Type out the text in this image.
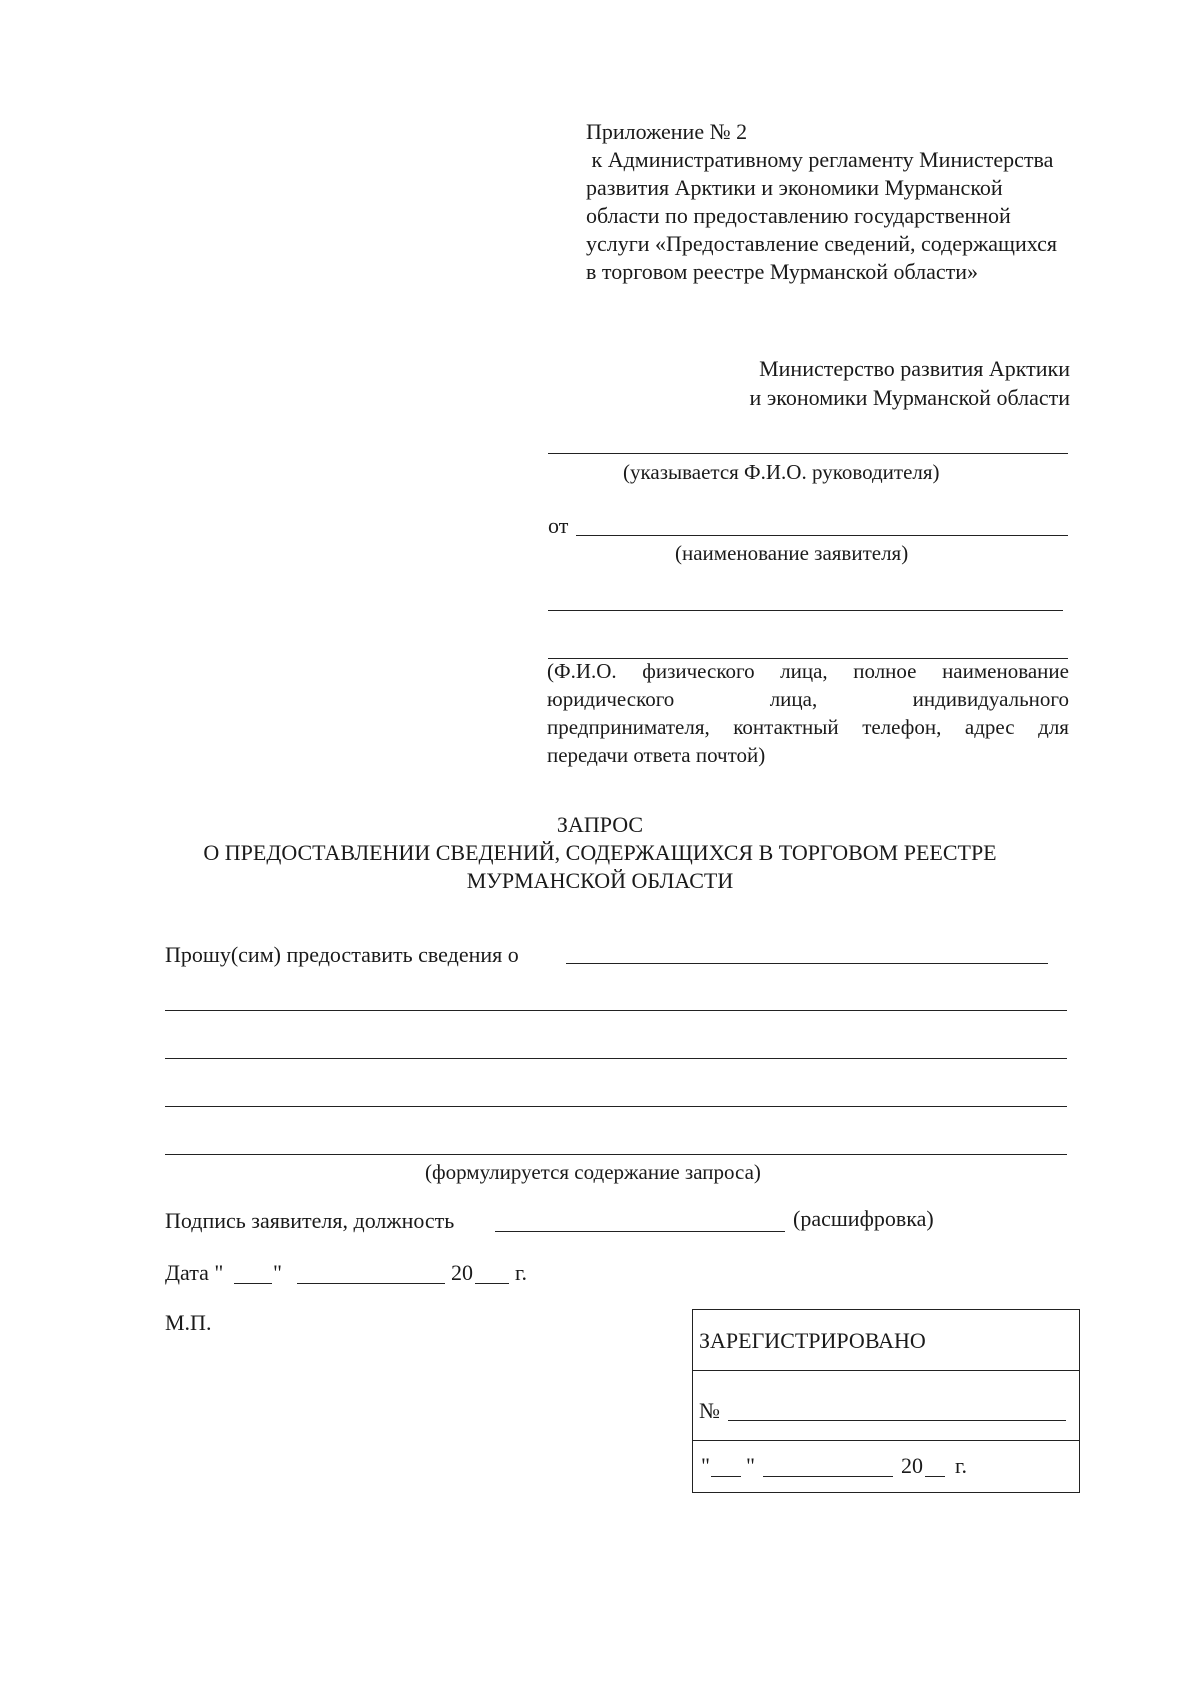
Приложение № 2
к Административному регламенту Министерства
развития Арктики и экономики Мурманской
области по предоставлению государственной
услуги «Предоставление сведений, содержащихся
в торговом реестре Мурманской области»
Министерство развития Арктики
и экономики Мурманской области
(указывается Ф.И.О. руководителя)
от
(наименование заявителя)
(Ф.И.О. физического лица, полное наименование
юридического	лица,	индивидуального
предпринимателя, контактный телефон, адрес для
передачи ответа почтой)
ЗАПРОС
О ПРЕДОСТАВЛЕНИИ СВЕДЕНИЙ, СОДЕРЖАЩИХСЯ В ТОРГОВОМ РЕЕСТРЕ
МУРМАНСКОЙ ОБЛАСТИ
Прошу(сим) предоставить сведения о
(формулируется содержание запроса)
Подпись заявителя, должность	(расшифровка)
Дата " "	20 г.
М.П.
ЗАРЕГИСТРИРОВАНО
№
" "	20 г.
